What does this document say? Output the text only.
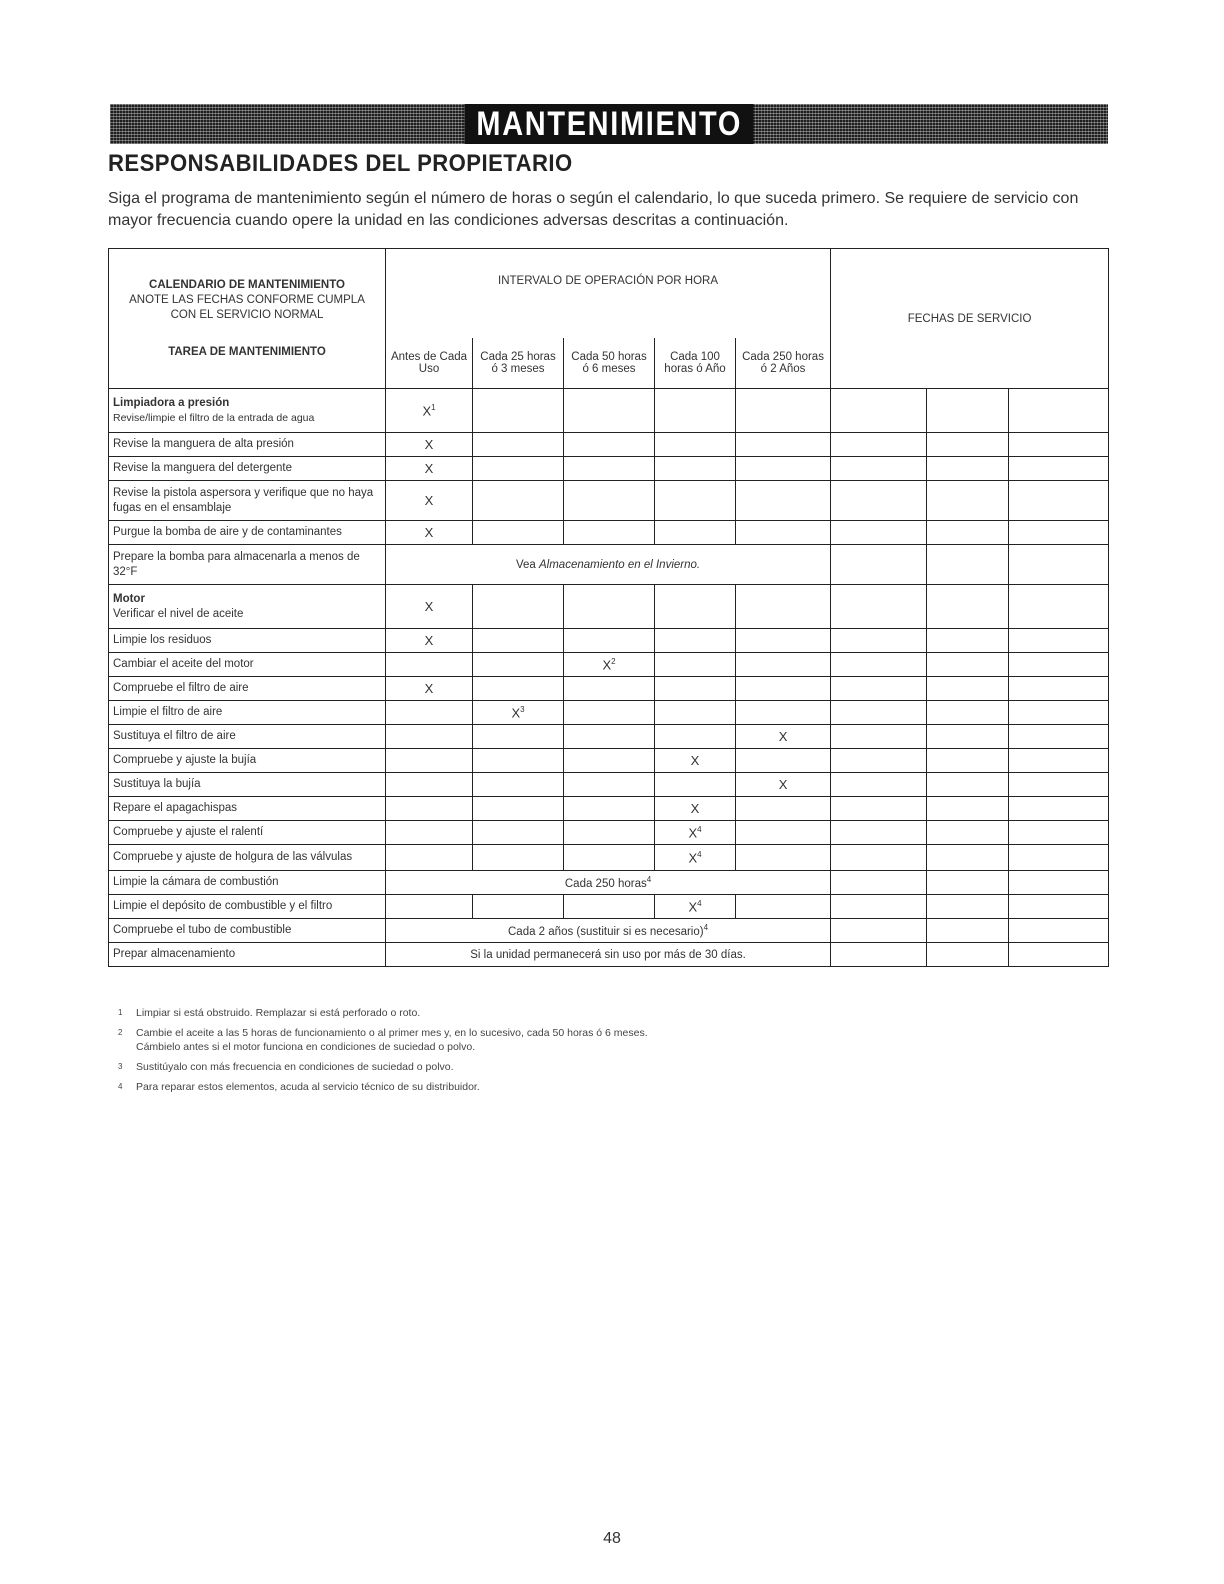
MANTENIMIENTO
RESPONSABILIDADES DEL PROPIETARIO
Siga el programa de mantenimiento según el número de horas o según el calendario, lo que suceda primero. Se requiere de servicio con mayor frecuencia cuando opere la unidad en las condiciones adversas descritas a continuación.
CALENDARIO DE MANTENIMIENTO
ANOTE LAS FECHAS CONFORME CUMPLA CON EL SERVICIO NORMAL
TAREA DE MANTENIMIENTO	INTERVALO DE OPERACIÓN POR HORA					FECHAS DE SERVICIO		
	Antes de Cada Uso	Cada 25 horas ó 3 meses	Cada 50 horas ó 6 meses	Cada 100 horas ó Año	Cada 250 horas ó 2 Años			

Limpiadora a presión
Revise/limpie el filtro de la entrada de agua	$X^1$							
Revise la manguera de alta presión	X							
Revise la manguera del detergente	X							
Revise la pistola aspersora y verifique que no haya fugas en el ensamblaje	X							
Purgue la bomba de aire y de contaminantes	X							
Prepare la bomba para almacenarla a menos de 32°F	Vea Almacenamiento en el Invierno.							

Motor
Verificar el nivel de aceite	X							
Limpie los residuos	X							
Cambiar el aceite del motor			$X^2$					
Compruebe el filtro de aire	X							
Limpie el filtro de aire		$X^3$						
Sustituya el filtro de aire					X			
Compruebe y ajuste la bujía				X				
Sustituya la bujía					X			
Repare el apagachispas				X				
Compruebe y ajuste el ralentí				$X^4$				
Compruebe y ajuste de holgura de las válvulas				$X^4$				
Limpie la cámara de combustión	Cada 250 horas$^4$			
Limpie el depósito de combustible y el filtro				$X^4$				
Compruebe el tubo de combustible	Cada 2 años (sustituir si es necesario)$^4$			
Prepar almacenamiento	Si la unidad permanecerá sin uso por más de 30 días.							
1	Limpiar si está obstruido. Remplazar si está perforado o roto.
2	Cambie el aceite a las 5 horas de funcionamiento o al primer mes y, en lo sucesivo, cada 50 horas ó 6 meses.
Cámbielo antes si el motor funciona en condiciones de suciedad o polvo.
3	Sustitúyalo con más frecuencia en condiciones de suciedad o polvo.
4	Para reparar estos elementos, acuda al servicio técnico de su distribuidor.
48
